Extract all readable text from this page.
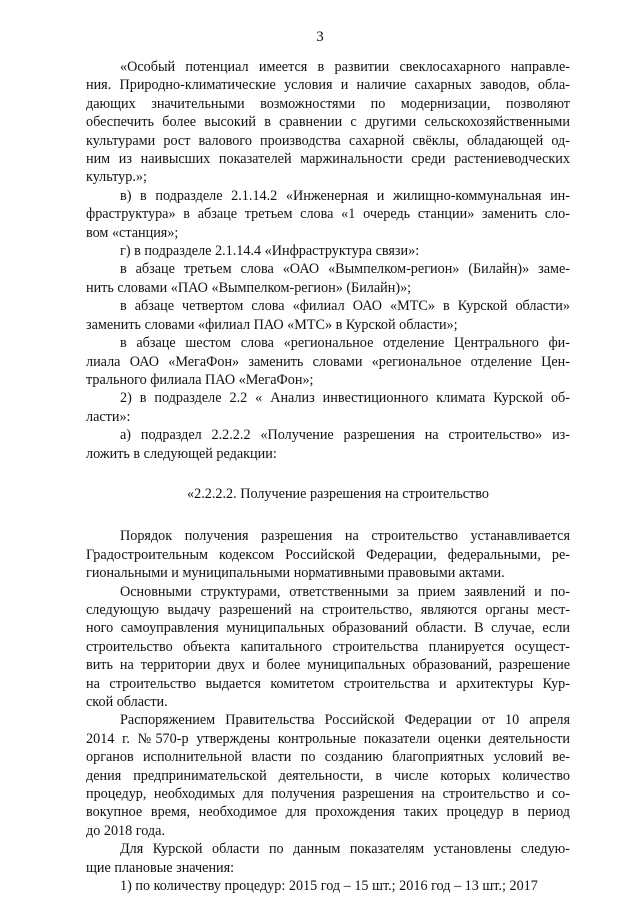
3
«Особый потенциал имеется в развитии свеклосахарного направле-
ния. Природно-климатические условия и наличие сахарных заводов, обла-
дающих значительными возможностями по модернизации, позволяют
обеспечить более высокий в сравнении с другими сельскохозяйственными
культурами рост валового производства сахарной свёклы, обладающей од-
ним из наивысших показателей маржинальности среди растениеводческих
культур.»;
в) в подразделе 2.1.14.2 «Инженерная и жилищно-коммунальная ин-
фраструктура» в абзаце третьем слова «1 очередь станции» заменить сло-
вом «станция»;
г) в подразделе 2.1.14.4 «Инфраструктура связи»:
в абзаце третьем слова «ОАО «Вымпелком-регион» (Билайн)» заме-
нить словами «ПАО «Вымпелком-регион» (Билайн)»;
в абзаце четвертом слова «филиал ОАО «МТС» в Курской области»
заменить словами «филиал ПАО «МТС» в Курской области»;
в абзаце шестом слова «региональное отделение Центрального фи-
лиала ОАО «МегаФон» заменить словами «региональное отделение Цен-
трального филиала ПАО «МегаФон»;
2) в подразделе 2.2 « Анализ инвестиционного климата Курской об-
ласти»:
а) подраздел 2.2.2.2 «Получение разрешения на строительство» из-
ложить в следующей редакции:
«2.2.2.2. Получение разрешения на строительство
Порядок получения разрешения на строительство устанавливается
Градостроительным кодексом Российской Федерации, федеральными, ре-
гиональными и муниципальными нормативными правовыми актами.
Основными структурами, ответственными за прием заявлений и по-
следующую выдачу разрешений на строительство, являются органы мест-
ного самоуправления муниципальных образований области. В случае, если
строительство объекта капитального строительства планируется осущест-
вить на территории двух и более муниципальных образований, разрешение
на строительство выдается комитетом строительства и архитектуры Кур-
ской области.
Распоряжением Правительства Российской Федерации от 10 апреля
2014 г. №570-р утверждены контрольные показатели оценки деятельности
органов исполнительной власти по созданию благоприятных условий ве-
дения предпринимательской деятельности, в числе которых количество
процедур, необходимых для получения разрешения на строительство и со-
вокупное время, необходимое для прохождения таких процедур в период
до 2018 года.
Для Курской области по данным показателям установлены следую-
щие плановые значения:
1) по количеству процедур: 2015 год – 15 шт.; 2016 год – 13 шт.; 2017
